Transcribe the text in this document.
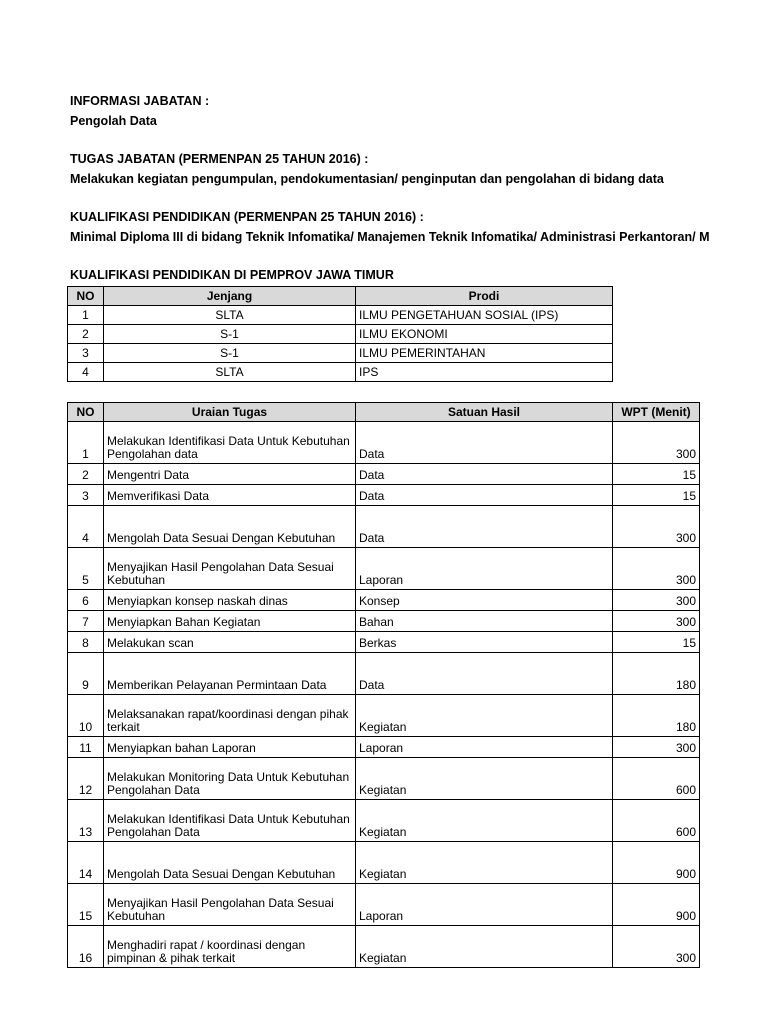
INFORMASI JABATAN :
Pengolah Data
TUGAS JABATAN (PERMENPAN 25 TAHUN 2016) :
Melakukan kegiatan pengumpulan, pendokumentasian/ penginputan dan pengolahan di bidang data
KUALIFIKASI PENDIDIKAN (PERMENPAN 25 TAHUN 2016) :
Minimal Diploma III di bidang Teknik Infomatika/ Manajemen Teknik Infomatika/ Administrasi Perkantoran/ M
KUALIFIKASI PENDIDIKAN DI PEMPROV JAWA TIMUR
NO	Jenjang	Prodi
1	SLTA	ILMU PENGETAHUAN SOSIAL (IPS)
2	S-1	ILMU EKONOMI
3	S-1	ILMU PEMERINTAHAN
4	SLTA	IPS
NO	Uraian Tugas	Satuan Hasil	WPT (Menit)
1	Melakukan Identifikasi Data Untuk Kebutuhan Pengolahan data	Data	300
2	Mengentri Data	Data	15
3	Memverifikasi Data	Data	15
4	Mengolah Data Sesuai Dengan Kebutuhan	Data	300
5	Menyajikan Hasil Pengolahan Data Sesuai Kebutuhan	Laporan	300
6	Menyiapkan konsep naskah dinas	Konsep	300
7	Menyiapkan Bahan Kegiatan	Bahan	300
8	Melakukan scan	Berkas	15
9	Memberikan Pelayanan Permintaan Data	Data	180
10	Melaksanakan rapat/koordinasi dengan pihak terkait	Kegiatan	180
11	Menyiapkan bahan Laporan	Laporan	300
12	Melakukan Monitoring Data Untuk Kebutuhan Pengolahan Data	Kegiatan	600
13	Melakukan Identifikasi Data Untuk Kebutuhan Pengolahan Data	Kegiatan	600
14	Mengolah Data Sesuai Dengan Kebutuhan	Kegiatan	900
15	Menyajikan Hasil Pengolahan Data Sesuai Kebutuhan	Laporan	900
16	Menghadiri rapat / koordinasi dengan pimpinan & pihak terkait	Kegiatan	300
